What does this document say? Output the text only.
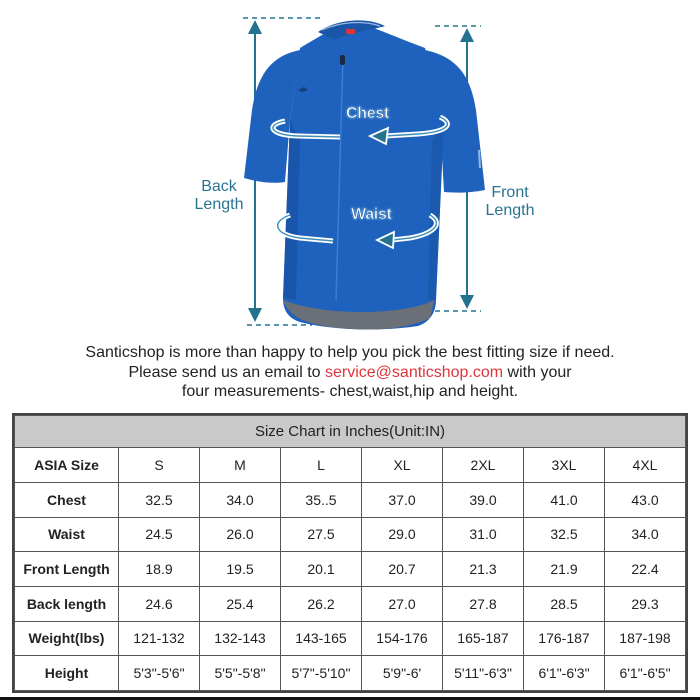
Back
Length
Front
Length
Chest
Waist
Santicshop is more than happy to help you pick the best fitting size if need.
Please send us an email to service@santicshop.com with your
four measurements- chest,waist,hip and height.
Size Chart in Inches(Unit:IN)							
ASIA Size	S	M	L	XL	2XL	3XL	4XL
Chest	32.5	34.0	35..5	37.0	39.0	41.0	43.0
Waist	24.5	26.0	27.5	29.0	31.0	32.5	34.0
Front Length	18.9	19.5	20.1	20.7	21.3	21.9	22.4
Back length	24.6	25.4	26.2	27.0	27.8	28.5	29.3
Weight(lbs)	121-132	132-143	143-165	154-176	165-187	176-187	187-198
Height	5'3"-5'6"	5'5"-5'8"	5'7"-5'10"	5'9"-6'	5'11"-6'3"	6'1"-6'3"	6'1"-6'5"
